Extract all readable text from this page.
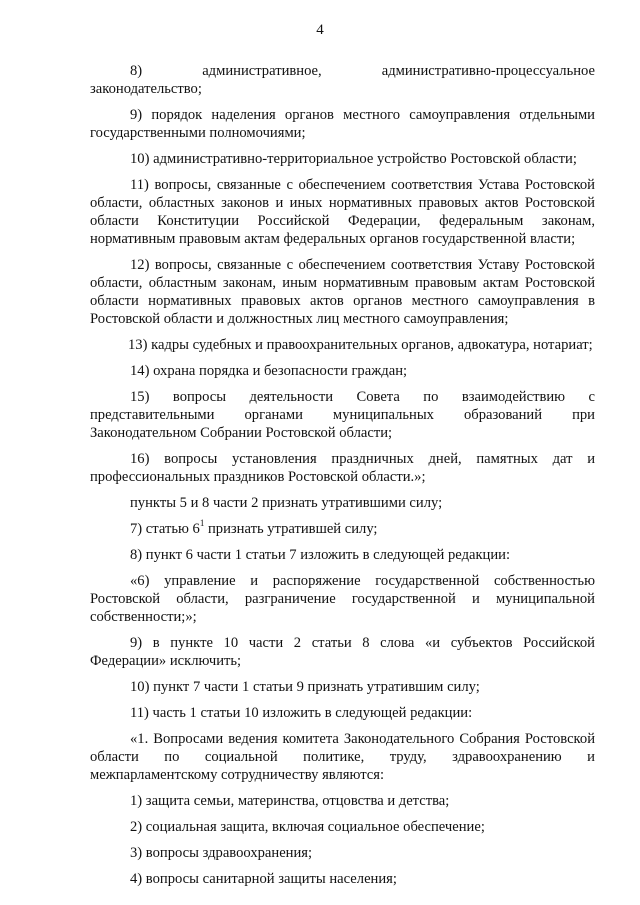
4

8) административное, административно-процессуальное законодательство;

9) порядок наделения органов местного самоуправления отдельными государственными полномочиями;

10) административно-территориальное устройство Ростовской области;

11) вопросы, связанные с обеспечением соответствия Устава Ростовской области, областных законов и иных нормативных правовых актов Ростовской области Конституции Российской Федерации, федеральным законам, нормативным правовым актам федеральных органов государственной власти;

12) вопросы, связанные с обеспечением соответствия Уставу Ростовской области, областным законам, иным нормативным правовым актам Ростовской области нормативных правовых актов органов местного самоуправления в Ростовской области и должностных лиц местного самоуправления;

13) кадры судебных и правоохранительных органов, адвокатура, нотариат;

14) охрана порядка и безопасности граждан;

15) вопросы деятельности Совета по взаимодействию с представительными органами муниципальных образований при Законодательном Собрании Ростовской области;

16) вопросы установления праздничных дней, памятных дат и профессиональных праздников Ростовской области.»;

пункты 5 и 8 части 2 признать утратившими силу;

7) статью $6^1$ признать утратившей силу;

8) пункт 6 части 1 статьи 7 изложить в следующей редакции:

«6) управление и распоряжение государственной собственностью Ростовской области, разграничение государственной и муниципальной собственности;»;

9) в пункте 10 части 2 статьи 8 слова «и субъектов Российской Федерации» исключить;

10) пункт 7 части 1 статьи 9 признать утратившим силу;

11) часть 1 статьи 10 изложить в следующей редакции:

«1. Вопросами ведения комитета Законодательного Собрания Ростовской области по социальной политике, труду, здравоохранению и межпарламентскому сотрудничеству являются:

1) защита семьи, материнства, отцовства и детства;

2) социальная защита, включая социальное обеспечение;

3) вопросы здравоохранения;

4) вопросы санитарной защиты населения;
